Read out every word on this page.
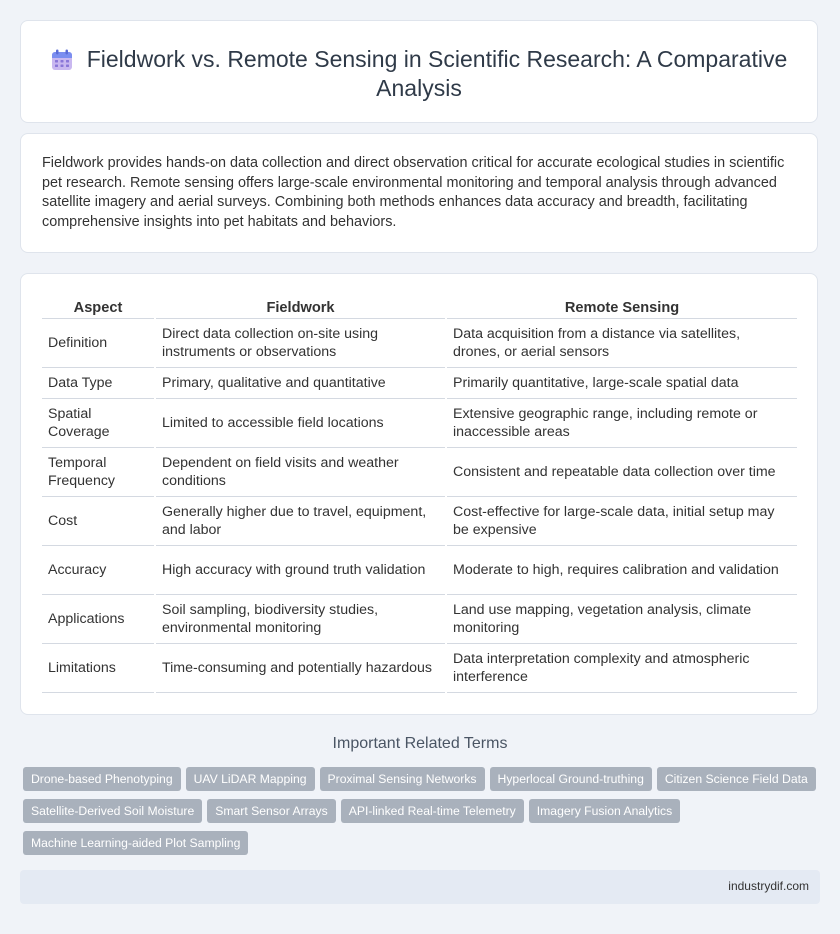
Fieldwork vs. Remote Sensing in Scientific Research: A Comparative Analysis
Fieldwork provides hands-on data collection and direct observation critical for accurate ecological studies in scientific pet research. Remote sensing offers large-scale environmental monitoring and temporal analysis through advanced satellite imagery and aerial surveys. Combining both methods enhances data accuracy and breadth, facilitating comprehensive insights into pet habitats and behaviors.
Aspect	Fieldwork	Remote Sensing
Definition	Direct data collection on-site using instruments or observations	Data acquisition from a distance via satellites, drones, or aerial sensors
Data Type	Primary, qualitative and quantitative	Primarily quantitative, large-scale spatial data
Spatial Coverage	Limited to accessible field locations	Extensive geographic range, including remote or inaccessible areas
Temporal Frequency	Dependent on field visits and weather conditions	Consistent and repeatable data collection over time
Cost	Generally higher due to travel, equipment, and labor	Cost-effective for large-scale data, initial setup may be expensive
Accuracy	High accuracy with ground truth validation	Moderate to high, requires calibration and validation
Applications	Soil sampling, biodiversity studies, environmental monitoring	Land use mapping, vegetation analysis, climate monitoring
Limitations	Time-consuming and potentially hazardous	Data interpretation complexity and atmospheric interference
Important Related Terms
Drone-based Phenotyping UAV LiDAR Mapping Proximal Sensing Networks Hyperlocal Ground-truthing Citizen Science Field Data
Satellite-Derived Soil Moisture Smart Sensor Arrays API-linked Real-time Telemetry Imagery Fusion Analytics
Machine Learning-aided Plot Sampling
industrydif.com
